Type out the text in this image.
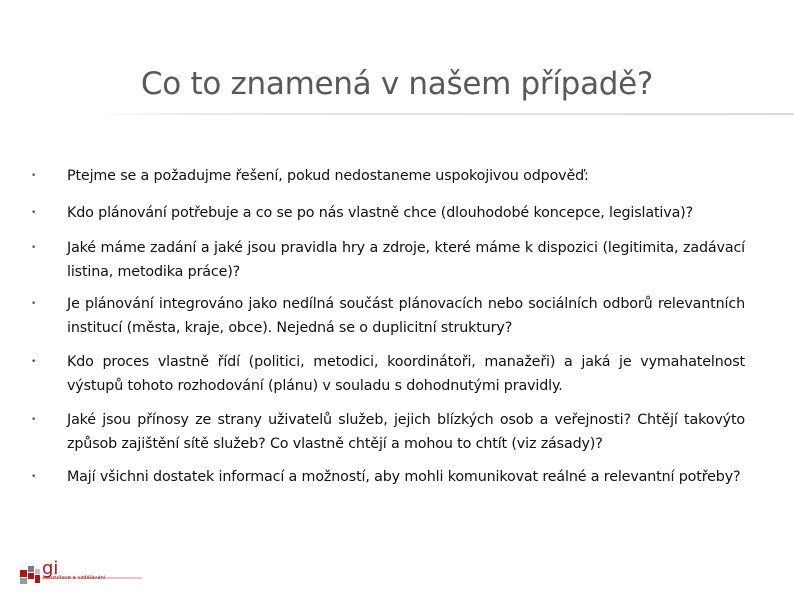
Co to znamená v našem případě?
• Ptejme se a požadujme řešení, pokud nedostaneme uspokojivou odpověď:
• Kdo plánování potřebuje a co se po nás vlastně chce (dlouhodobé koncepce, legislativa)?
• Jaké máme zadání a jaké jsou pravidla hry a zdroje, které máme k dispozici (legitimita, zadávací listina, metodika práce)?
• Je plánování integrováno jako nedílná součást plánovacích nebo sociálních odborů relevantních institucí (města, kraje, obce). Nejedná se o duplicitní struktury?
• Kdo proces vlastně řídí (politici, metodici, koordinátoři, manažeři) a jaká je vymahatelnost výstupů tohoto rozhodování (plánu) v souladu s dohodnutými pravidly.
• Jaké jsou přínosy ze strany uživatelů služeb, jejich blízkých osob a veřejnosti? Chtějí takovýto způsob zajištění sítě služeb? Co vlastně chtějí a mohou to chtít (viz zásady)?
• Mají všichni dostatek informací a možností, aby mohli komunikovat reálné a relevantní potřeby?
gi
konzultace a vzdělávání
